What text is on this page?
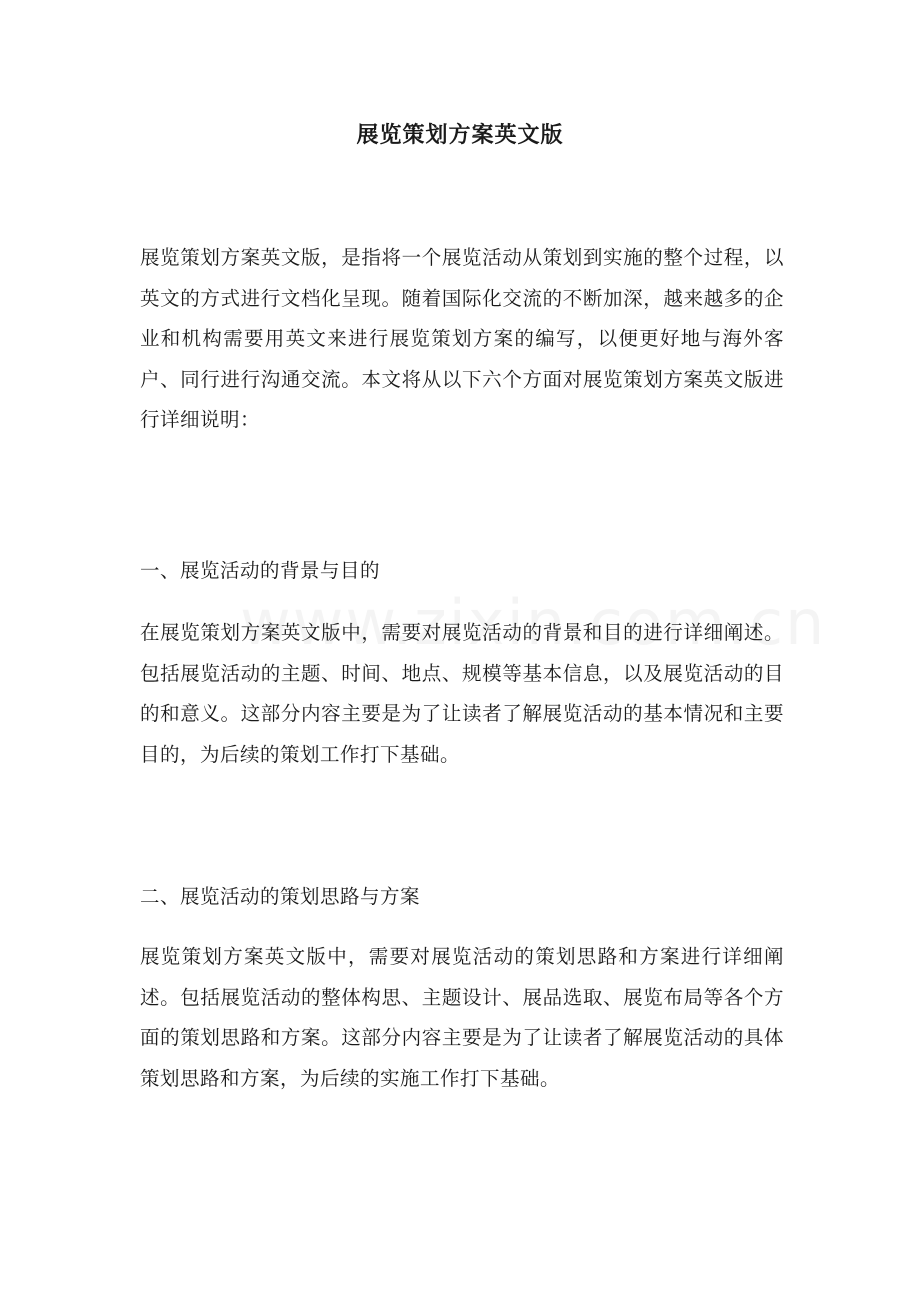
展览策划方案英文版

展览策划方案英文版，是指将一个展览活动从策划到实施的整个过程，以英文的方式进行文档化呈现。随着国际化交流的不断加深，越来越多的企业和机构需要用英文来进行展览策划方案的编写，以便更好地与海外客户、同行进行沟通交流。本文将从以下六个方面对展览策划方案英文版进行详细说明：

一、展览活动的背景与目的

在展览策划方案英文版中，需要对展览活动的背景和目的进行详细阐述。包括展览活动的主题、时间、地点、规模等基本信息，以及展览活动的目的和意义。这部分内容主要是为了让读者了解展览活动的基本情况和主要目的，为后续的策划工作打下基础。

二、展览活动的策划思路与方案

展览策划方案英文版中，需要对展览活动的策划思路和方案进行详细阐述。包括展览活动的整体构思、主题设计、展品选取、展览布局等各个方面的策划思路和方案。这部分内容主要是为了让读者了解展览活动的具体策划思路和方案，为后续的实施工作打下基础。
